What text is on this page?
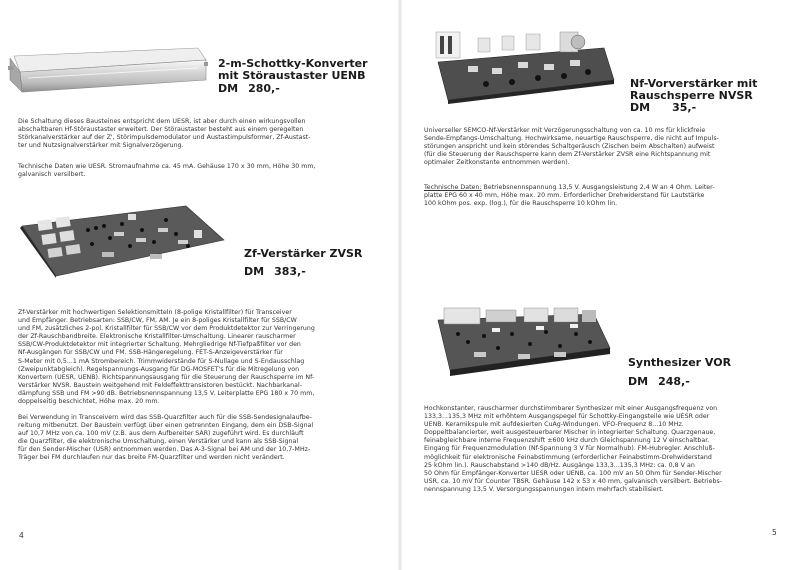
2-m-Schottky-Konverter
mit Störaustaster UENB
DM 280,-
Die Schaltung dieses Bausteines entspricht dem UESR, ist aber durch einen wirkungsvollen
abschaltbaren Hf-Störaustaster erweitert. Der Störaustaster besteht aus einem geregelten
Störkanalverstärker auf der Z', Störimpulsdemodulator und Austastimpulsformer, Zf-Austast-
ter und Nutzsignalverstärker mit Signalverzögerung.
Technische Daten wie UESR. Stromaufnahme ca. 45 mA. Gehäuse 170 x 30 mm, Höhe 30 mm,
galvanisch versilbert.
Zf-Verstärker ZVSR
DM 383,-
Zf-Verstärker mit hochwertigen Selektionsmitteln (8-polige Kristallfilter) für Transceiver
und Empfänger. Betriebsarten: SSB/CW, FM, AM. Je ein 8-poliges Kristallfilter für SSB/CW
und FM, zusätzliches 2-pol. Kristallfilter für SSB/CW vor dem Produktdetektor zur Verringerung
der Zf-Rauschbandbreite. Elektronische Kristallfilter-Umschaltung. Linearer rauscharmer
SSB/CW-Produktdetektor mit integrierter Schaltung. Mehrgliedrige Nf-Tiefpaßfilter vor den
Nf-Ausgängen für SSB/CW und FM. SSB-Hängeregelung. FET-S-Anzeigeverstärker für
S-Meter mit 0,5...1 mA Strombereich. Trimmwiderstände für S-Nullage und S-Endausschlag
(Zweipunktabgleich). Regelspannungs-Ausgang für DG-MOSFET's für die Mitregelung von
Konvertern (UESR, UENB). Richtspannungsausgang für die Steuerung der Rauschsperre im Nf-
Verstärker NVSR. Baustein weitgehend mit Feldeffekttransistoren bestückt. Nachbarkanal-
dämpfung SSB und FM >90 dB. Betriebsnennspannung 13,5 V. Leiterplatte EPG 180 x 70 mm,
doppelseitig beschichtet, Höhe max. 20 mm.
Bei Verwendung in Transceivern wird das SSB-Quarzfilter auch für die SSB-Sendesignalaufbe-
reitung mitbenutzt. Der Baustein verfügt über einen getrennten Eingang, dem ein DSB-Signal
auf 10,7 MHz von ca. 100 mV (z.B. aus dem Aufbereiter SAR) zugeführt wird. Es durchläuft
die Quarzfilter, die elektronische Umschaltung, einen Verstärker und kann als SSB-Signal
für den Sender-Mischer (USR) entnommen werden. Das A-3-Signal bei AM und der 10,7-MHz-
Träger bei FM durchlaufen nur das breite FM-Quarzfilter und werden nicht verändert.
4
Nf-Vorverstärker mit
Rauschsperre NVSR
DM 35,-
Universeller SEMCO-Nf-Verstärker mit Verzögerungsschaltung von ca. 10 ms für klickfreie
Sende-Empfangs-Umschaltung. Hochwirksame, neuartige Rauschsperre, die nicht auf Impuls-
störungen anspricht und kein störendes Schaltgeräusch (Zischen beim Abschalten) aufweist
(für die Steuerung der Rauschsperre kann dem Zf-Verstärker ZVSR eine Richtspannung mit
optimaler Zeitkonstante entnommen werden).
Technische Daten: Betriebsnennspannung 13,5 V. Ausgangsleistung 2,4 W an 4 Ohm. Leiter-
platte EPG 60 x 40 mm, Höhe max. 20 mm. Erforderlicher Drehwiderstand für Lautstärke
100 kOhm pos. exp. (log.), für die Rauschsperre 10 kOhm lin.
Synthesizer VOR
DM 248,-
Hochkonstanter, rauscharmer durchstimmbarer Synthesizer mit einer Ausgangsfrequenz von
133,3...135,3 MHz mit erhöhtem Ausgangspegel für Schottky-Eingangsteile wie UESR oder
UENB. Keramikspule mit aufdesierten CuAg-Windungen. VFO-Frequenz 8...10 MHz.
Doppeltbalancierter, weit ausgesteuerbarer Mischer in integrierter Schaltung. Quarzgenaue,
feinabgleichbare interne Frequenzshift ±600 kHz durch Gleichspannung 12 V einschaltbar.
Eingang für Frequenzmodulation (Nf-Spannung 3 V für Normalhub). FM-Hubregler. Anschluß-
möglichkeit für elektronische Feinabstimmung (erforderlicher Feinabstimm-Drehwiderstand
25 kOhm lin.). Rauschabstand >140 dB/Hz. Ausgänge 133,3...135,3 MHz: ca. 0,8 V an
50 Ohm für Empfänger-Konverter UESR oder UENB, ca. 100 mV an 50 Ohm für Sender-Mischer
USR, ca. 10 mV für Counter TBSR. Gehäuse 142 x 53 x 40 mm, galvanisch versilbert. Betriebs-
nennspannung 13,5 V. Versorgungsspannungen intern mehrfach stabilisiert.
5
